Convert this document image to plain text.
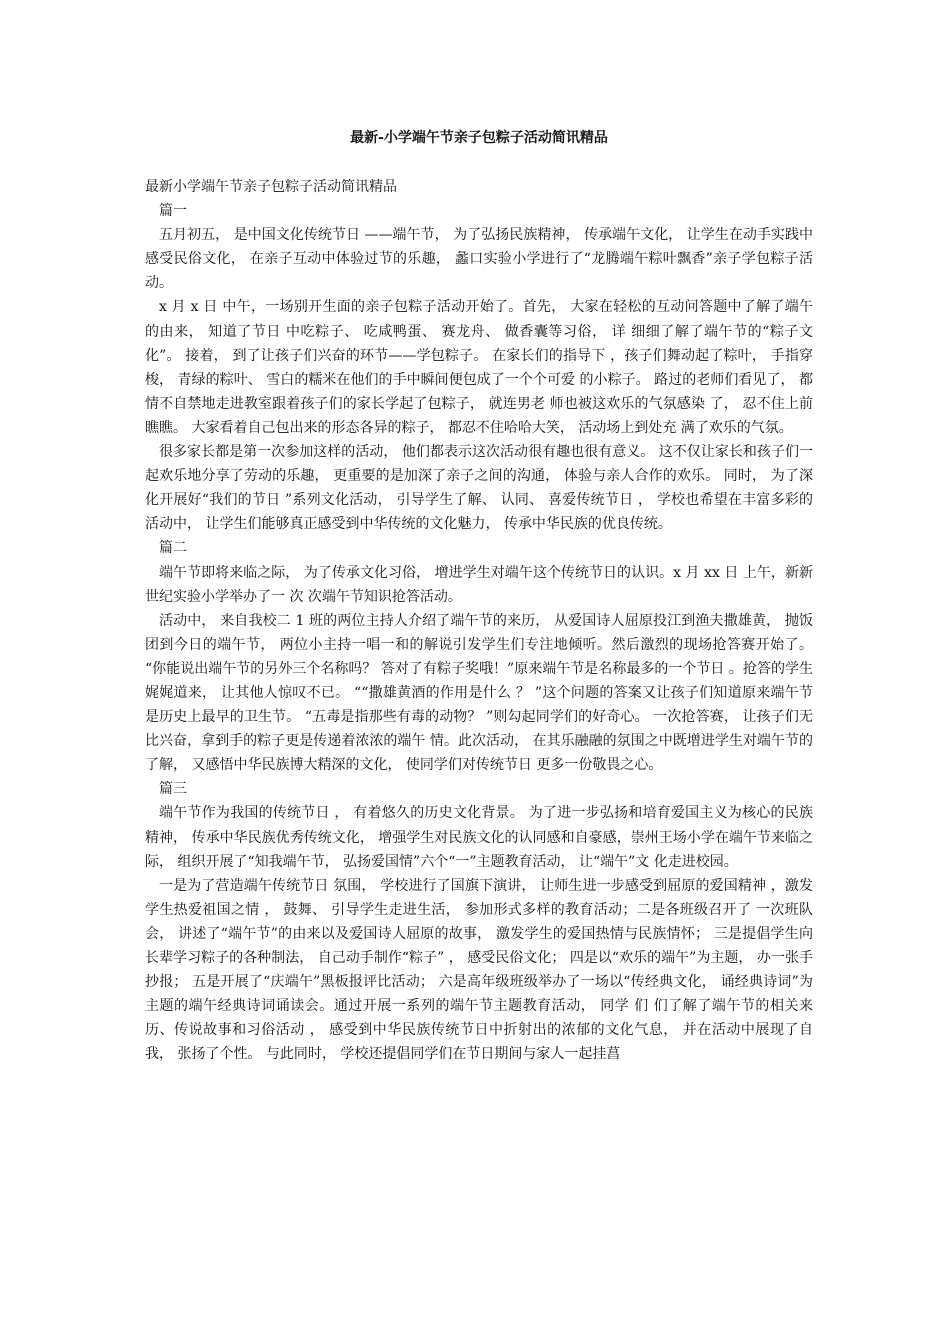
最新-小学端午节亲子包粽子活动简讯精品

最新小学端午节亲子包粽子活动简讯精品

篇一

五月初五， 是中国文化传统节日 ——端午节， 为了弘扬民族精神， 传承端午文化， 让学生在动手实践中感受民俗文化， 在亲子互动中体验过节的乐趣， 蠡口实验小学进行了“龙腾端午粽叶飘香”亲子学包粽子活动。

x 月 x 日 中午，一场别开生面的亲子包粽子活动开始了。首先， 大家在轻松的互动问答题中了解了端午的由来， 知道了节日 中吃粽子、 吃咸鸭蛋、 赛龙舟、 做香囊等习俗， 详 细细了解了端午节的“粽子文化”。 接着， 到了让孩子们兴奋的环节——学包粽子。 在家长们的指导下 ，孩子们舞动起了粽叶， 手指穿梭， 青绿的粽叶、 雪白的糯米在他们的手中瞬间便包成了一个个可爱 的小粽子。 路过的老师们看见了， 都情不自禁地走进教室跟着孩子们的家长学起了包粽子， 就连男老 师也被这欢乐的气氛感染 了， 忍不住上前瞧瞧。 大家看着自己包出来的形态各异的粽子， 都忍不住哈哈大笑， 活动场上到处充 满了欢乐的气氛。

很多家长都是第一次参加这样的活动， 他们都表示这次活动很有趣也很有意义。 这不仅让家长和孩子们一起欢乐地分享了劳动的乐趣， 更重要的是加深了亲子之间的沟通， 体验与亲人合作的欢乐。 同时， 为了深化开展好“我们的节日 ”系列文化活动， 引导学生了解、 认同、 喜爱传统节日 ， 学校也希望在丰富多彩的活动中， 让学生们能够真正感受到中华传统的文化魅力， 传承中华民族的优良传统。

篇二

端午节即将来临之际， 为了传承文化习俗， 增进学生对端午这个传统节日的认识。x 月 xx 日 上午，新新世纪实验小学举办了一 次 次端午节知识抢答活动。

活动中， 来自我校二 1 班的两位主持人介绍了端午节的来历， 从爱国诗人屈原投江到渔夫撒雄黄， 抛饭团到今日的端午节， 两位小主持一唱一和的解说引发学生们专注地倾听。然后激烈的现场抢答赛开始了。 “你能说出端午节的另外三个名称吗？ 答对了有粽子奖哦！”原来端午节是名称最多的一个节日 。抢答的学生娓娓道来， 让其他人惊叹不已。 ““撒雄黄酒的作用是什么 ？ ”这个问题的答案又让孩子们知道原来端午节是历史上最早的卫生节。 “五毒是指那些有毒的动物？ ”则勾起同学们的好奇心。 一次抢答赛， 让孩子们无比兴奋，拿到手的粽子更是传递着浓浓的端午 情。此次活动， 在其乐融融的氛围之中既增进学生对端午节的了解， 又感悟中华民族博大精深的文化， 使同学们对传统节日 更多一份敬畏之心。

篇三

端午节作为我国的传统节日 ， 有着悠久的历史文化背景。 为了进一步弘扬和培育爱国主义为核心的民族精神， 传承中华民族优秀传统文化， 增强学生对民族文化的认同感和自豪感，崇州王场小学在端午节来临之际， 组织开展了“知我端午节， 弘扬爱国情”六个“一”主题教育活动， 让“端午”文 化走进校园。

一是为了营造端午传统节日 氛围， 学校进行了国旗下演讲， 让师生进一步感受到屈原的爱国精神 ，激发学生热爱祖国之情 ， 鼓舞、 引导学生走进生活， 参加形式多样的教育活动；二是各班级召开了 一次班队会， 讲述了“端午节”的由来以及爱国诗人屈原的故事， 激发学生的爱国热情与民族情怀； 三是提倡学生向长辈学习粽子的各种制法， 自己动手制作“粽子” ， 感受民俗文化； 四是以“欢乐的端午”为主题， 办一张手抄报； 五是开展了“庆端午”黑板报评比活动； 六是高年级班级举办了一场以“传经典文化， 诵经典诗词”为主题的端午经典诗词诵读会。通过开展一系列的端午节主题教育活动， 同学 们 们了解了端午节的相关来历、传说故事和习俗活动 ， 感受到中华民族传统节日中折射出的浓郁的文化气息， 并在活动中展现了自我， 张扬了个性。 与此同时， 学校还提倡同学们在节日期间与家人一起挂菖
